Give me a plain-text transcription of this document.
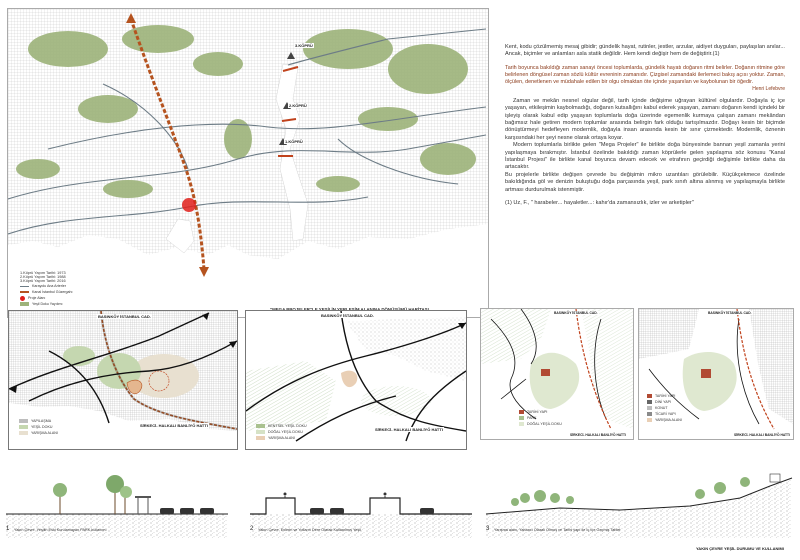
3.KÖPRÜ
2.KÖPRÜ
1.KÖPRÜ
1.Köprü Yapım Tarihi: 1973
2.Köprü Yapım Tarihi: 1988
3.Köprü Yapım Tarihi: 2016
Karayolu Ana Arterler
Kanal İstanbul Güzergahı
Proje Alanı
Yeşil Doku Yayılımı
Kent, kodu çözülmemiş mesaj gibidir; gündelik hayat, rutinler, jestler, arzular, aidiyet duyguları, paylaşılan anılar... Ancak, biçimler ve anlamları asla statik değildir. Hem kendi değişir hem de değiştirir.(1)
Tarih boyunca bakıldığı zaman sanayi öncesi toplumlarda, gündelik hayatı doğanın ritmi belirler. Doğanın ritmine göre belirlenen döngüsel zaman sözlü kültür evreninin zamanıdır. Çizgisel zamandaki ilerlemeci bakış açısı yoktur. Zaman, ölçülen, denetlenen ve müdahale edilen bir olgu olmaktan öte içinde yaşanılan ve kaybolunan bir öğedir.
Henri Lefebvre
Zaman ve mekân nesnel olgular değil, tarih içinde değişime uğrayan kültürel olgulardır. Doğayla iç içe yaşayan, etkileşimin kaybolmadığı, doğanın kutsallığını kabul ederek yaşayan, zamanı doğanın kendi içindeki bir işleyiş olarak kabul edip yaşayan toplumlarla doğa üzerinde egemenlik kurmaya çalışan zamanı mekândan bağımsız hale getiren modern toplumlar arasında belirgin fark olduğu tartışılmazdır. Doğayı kesin bir biçimde dönüştürmeyi hedefleyen modernlik, doğayla insan arasında kesin bir sınır çizmektedir. Modernlik, öznenin karşısındaki her şeyi nesne olarak ortaya koyar.
Modern toplumlarla birlikte gelen "Mega Projeler" ile birlikte doğa bünyesinde bannan yeşil zamanla yerini yapılaşmaya bırakmıştır. İstanbul özelinde bakıldığı zaman köprülerle gelen yapılaşma söz konusu "Kanal İstanbul Projesi" ile birlikte kanal boyunca devam edecek ve etrafının geçirdiği değişimle birlikte daha da artacaktır.
Bu projelerle birlikte değişen çevrede bu değişimin mikro uzantıları görülebilir. Küçükçekmece özelinde bakıldığında göl ve denizin buluştuğu doğa parçasında yeşil, park sınıfı altına alınmış ve yapılaşmayla birlikte artması durdurulmak istenmiştir.
(1) Uz, F., " harabeler... hayaletler...: kahır'da zamansızlık, izler ve arketipler"
BASINKÖY İSTANBUL CAD.
SİRKECİ- HALKALI BANLİYÖ HATTI
YAPILAŞMA
YEŞİL DOKU
YARIŞMA ALANI
BASINKÖY İSTANBUL CAD.
SİRKECİ- HALKALI BANLİYÖ HATTI
KENTSEL YEŞİL DOKU
DOĞAL YEŞİL DOKU
YARIŞMA ALANI
BASINKÖY İSTANBUL CAD.
SİRKECİ- HALKALI BANLİYÖ HATTI
TARİHİ YAPI
PARK
DOĞAL YEŞİL DOKU
BASINKÖY İSTANBUL CAD.
SİRKECİ- HALKALI BANLİYÖ HATTI
TARİHİ YAPI
DİNİ YAPI
KONUT
TİCARİ YAPI
YARIŞMA ALANI
1 Yakın Çevre, Yeşilin Eski Kurulamayan PARK kullanımı	2 Yakın Çevre, Evlerin ve Yolların Dere Olarak Kullanılmış Yeşil	3 Yarışma alanı, Yabancı Olarak Olmuş ve Tarihi yapı ile İç İçe Geçmiş Tablet
YAKIN ÇEVRE YEŞİL DURUMU VE KULLANIMI
